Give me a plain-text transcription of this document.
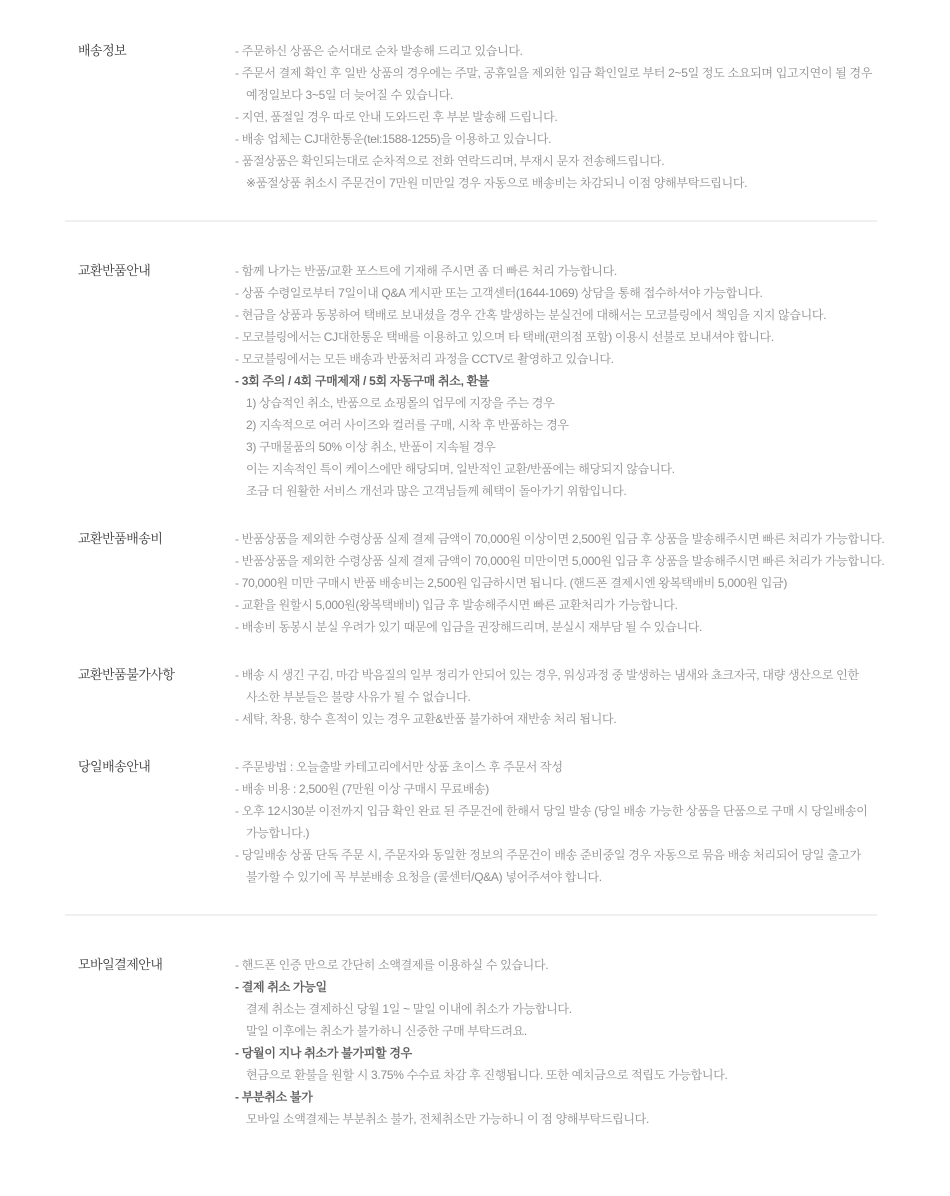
배송정보	- 주문하신 상품은 순서대로 순차 발송해 드리고 있습니다.
- 주문서 결제 확인 후 일반 상품의 경우에는 주말, 공휴일을 제외한 입금 확인일로 부터 2~5일 정도 소요되며 입고지연이 될 경우 예정일보다 3~5일 더 늦어질 수 있습니다.
- 지연, 품절일 경우 따로 안내 도와드린 후 부분 발송해 드립니다.
- 배송 업체는 CJ대한통운(tel:1588-1255)을 이용하고 있습니다.
- 품절상품은 확인되는대로 순차적으로 전화 연락드리며, 부재시 문자 전송해드립니다.
※품절상품 취소시 주문건이 7만원 미만일 경우 자동으로 배송비는 차감되니 이점 양해부탁드립니다.
교환반품안내	- 함께 나가는 반품/교환 포스트에 기재해 주시면 좀 더 빠른 처리 가능합니다.
- 상품 수령일로부터 7일이내 Q&A 게시판 또는 고객센터(1644-1069) 상담을 통해 접수하셔야 가능합니다.
- 현금을 상품과 동봉하여 택배로 보내셨을 경우 간혹 발생하는 분실건에 대해서는 모코블링에서 책임을 지지 않습니다.
- 모코블링에서는 CJ대한통운 택배를 이용하고 있으며 타 택배(편의점 포함) 이용시 선불로 보내셔야 합니다.
- 모코블링에서는 모든 배송과 반품처리 과정을 CCTV로 촬영하고 있습니다.
- 3회 주의 / 4회 구매제재 / 5회 자동구매 취소, 환불
1) 상습적인 취소, 반품으로 쇼핑몰의 업무에 지장을 주는 경우
2) 지속적으로 여러 사이즈와 컬러를 구매, 시착 후 반품하는 경우
3) 구매물품의 50% 이상 취소, 반품이 지속될 경우
이는 지속적인 특이 케이스에만 해당되며, 일반적인 교환/반품에는 해당되지 않습니다.
조금 더 원활한 서비스 개선과 많은 고객님들께 혜택이 돌아가기 위함입니다.
교환반품배송비	- 반품상품을 제외한 수령상품 실제 결제 금액이 70,000원 이상이면 2,500원 입금 후 상품을 발송해주시면 빠른 처리가 가능합니다.
- 반품상품을 제외한 수령상품 실제 결제 금액이 70,000원 미만이면 5,000원 입금 후 상품을 발송해주시면 빠른 처리가 가능합니다.
- 70,000원 미만 구매시 반품 배송비는 2,500원 입금하시면 됩니다. (핸드폰 결제시엔 왕복택배비 5,000원 입금)
- 교환을 원할시 5,000원(왕복택배비) 입금 후 발송해주시면 빠른 교환처리가 가능합니다.
- 배송비 동봉시 분실 우려가 있기 때문에 입금을 권장해드리며, 분실시 재부담 될 수 있습니다.
교환반품불가사항	- 배송 시 생긴 구김, 마감 박음질의 일부 정리가 안되어 있는 경우, 워싱과정 중 발생하는 냄새와 쵸크자국, 대량 생산으로 인한 사소한 부분들은 불량 사유가 될 수 없습니다.
- 세탁, 착용, 향수 흔적이 있는 경우 교환&반품 불가하여 재반송 처리 됩니다.
당일배송안내	- 주문방법 : 오늘출발 카테고리에서만 상품 초이스 후 주문서 작성
- 배송 비용 : 2,500원 (7만원 이상 구매시 무료배송)
- 오후 12시30분 이전까지 입금 확인 완료 된 주문건에 한해서 당일 발송 (당일 배송 가능한 상품을 단품으로 구매 시 당일배송이 가능합니다.)
- 당일배송 상품 단독 주문 시, 주문자와 동일한 정보의 주문건이 배송 준비중일 경우 자동으로 묶음 배송 처리되어 당일 출고가 불가할 수 있기에 꼭 부분배송 요청을 (콜센터/Q&A) 넣어주셔야 합니다.
모바일결제안내	- 핸드폰 인증 만으로 간단히 소액결제를 이용하실 수 있습니다.
- 결제 취소 가능일
결제 취소는 결제하신 당월 1일 ~ 말일 이내에 취소가 가능합니다.
말일 이후에는 취소가 불가하니 신중한 구매 부탁드려요.
- 당월이 지나 취소가 불가피할 경우
현금으로 환불을 원할 시 3.75% 수수료 차감 후 진행됩니다. 또한 예치금으로 적립도 가능합니다.
- 부분취소 불가
모바일 소액결제는 부분취소 불가, 전체취소만 가능하니 이 점 양해부탁드립니다.
